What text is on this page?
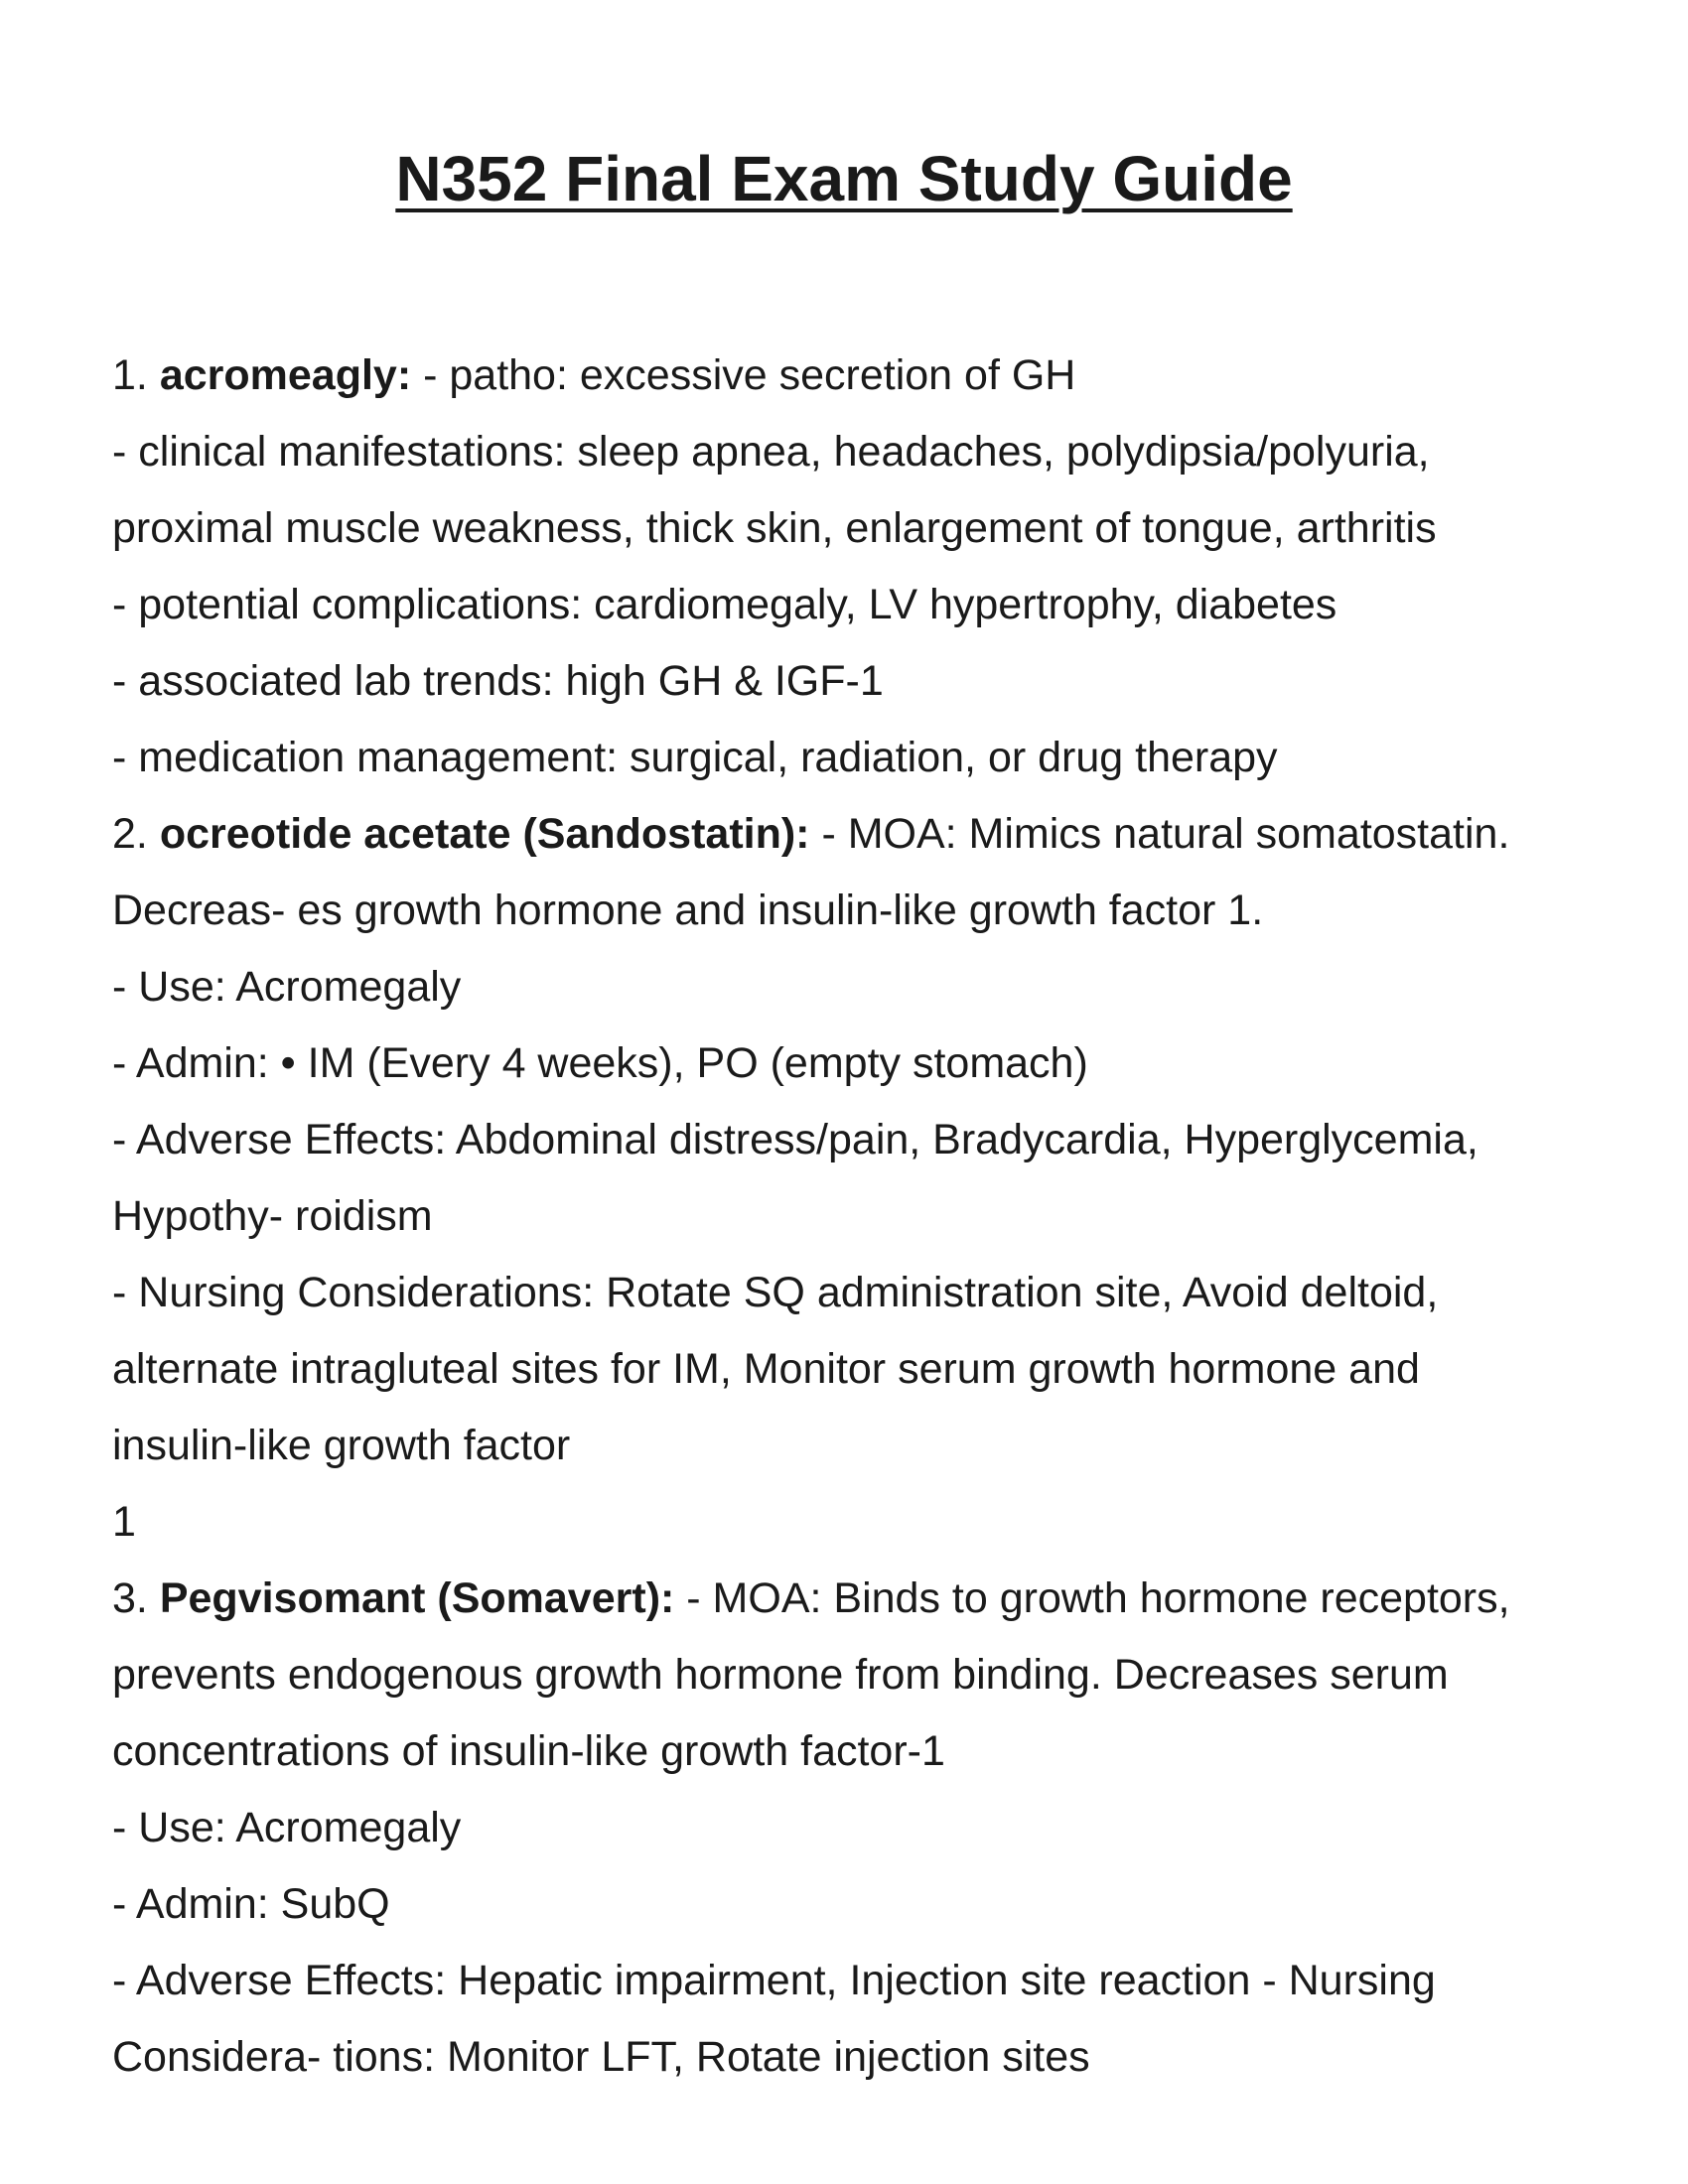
N352 Final Exam Study Guide
1. acromeagly: - patho: excessive secretion of GH
- clinical manifestations: sleep apnea, headaches, polydipsia/polyuria,
proximal muscle weakness, thick skin, enlargement of tongue, arthritis
- potential complications: cardiomegaly, LV hypertrophy, diabetes
- associated lab trends: high GH & IGF-1
- medication management: surgical, radiation, or drug therapy
2. ocreotide acetate (Sandostatin): - MOA: Mimics natural somatostatin.
Decreas- es growth hormone and insulin-like growth factor 1.
- Use: Acromegaly
- Admin: • IM (Every 4 weeks), PO (empty stomach)
- Adverse Effects: Abdominal distress/pain, Bradycardia, Hyperglycemia,
Hypothy- roidism
- Nursing Considerations: Rotate SQ administration site, Avoid deltoid,
alternate intragluteal sites for IM, Monitor serum growth hormone and
insulin-like growth factor
1
3. Pegvisomant (Somavert): - MOA: Binds to growth hormone receptors,
prevents endogenous growth hormone from binding. Decreases serum
concentrations of insulin-like growth factor-1
- Use: Acromegaly
- Admin: SubQ
- Adverse Effects: Hepatic impairment, Injection site reaction - Nursing
Considera- tions: Monitor LFT, Rotate injection sites
